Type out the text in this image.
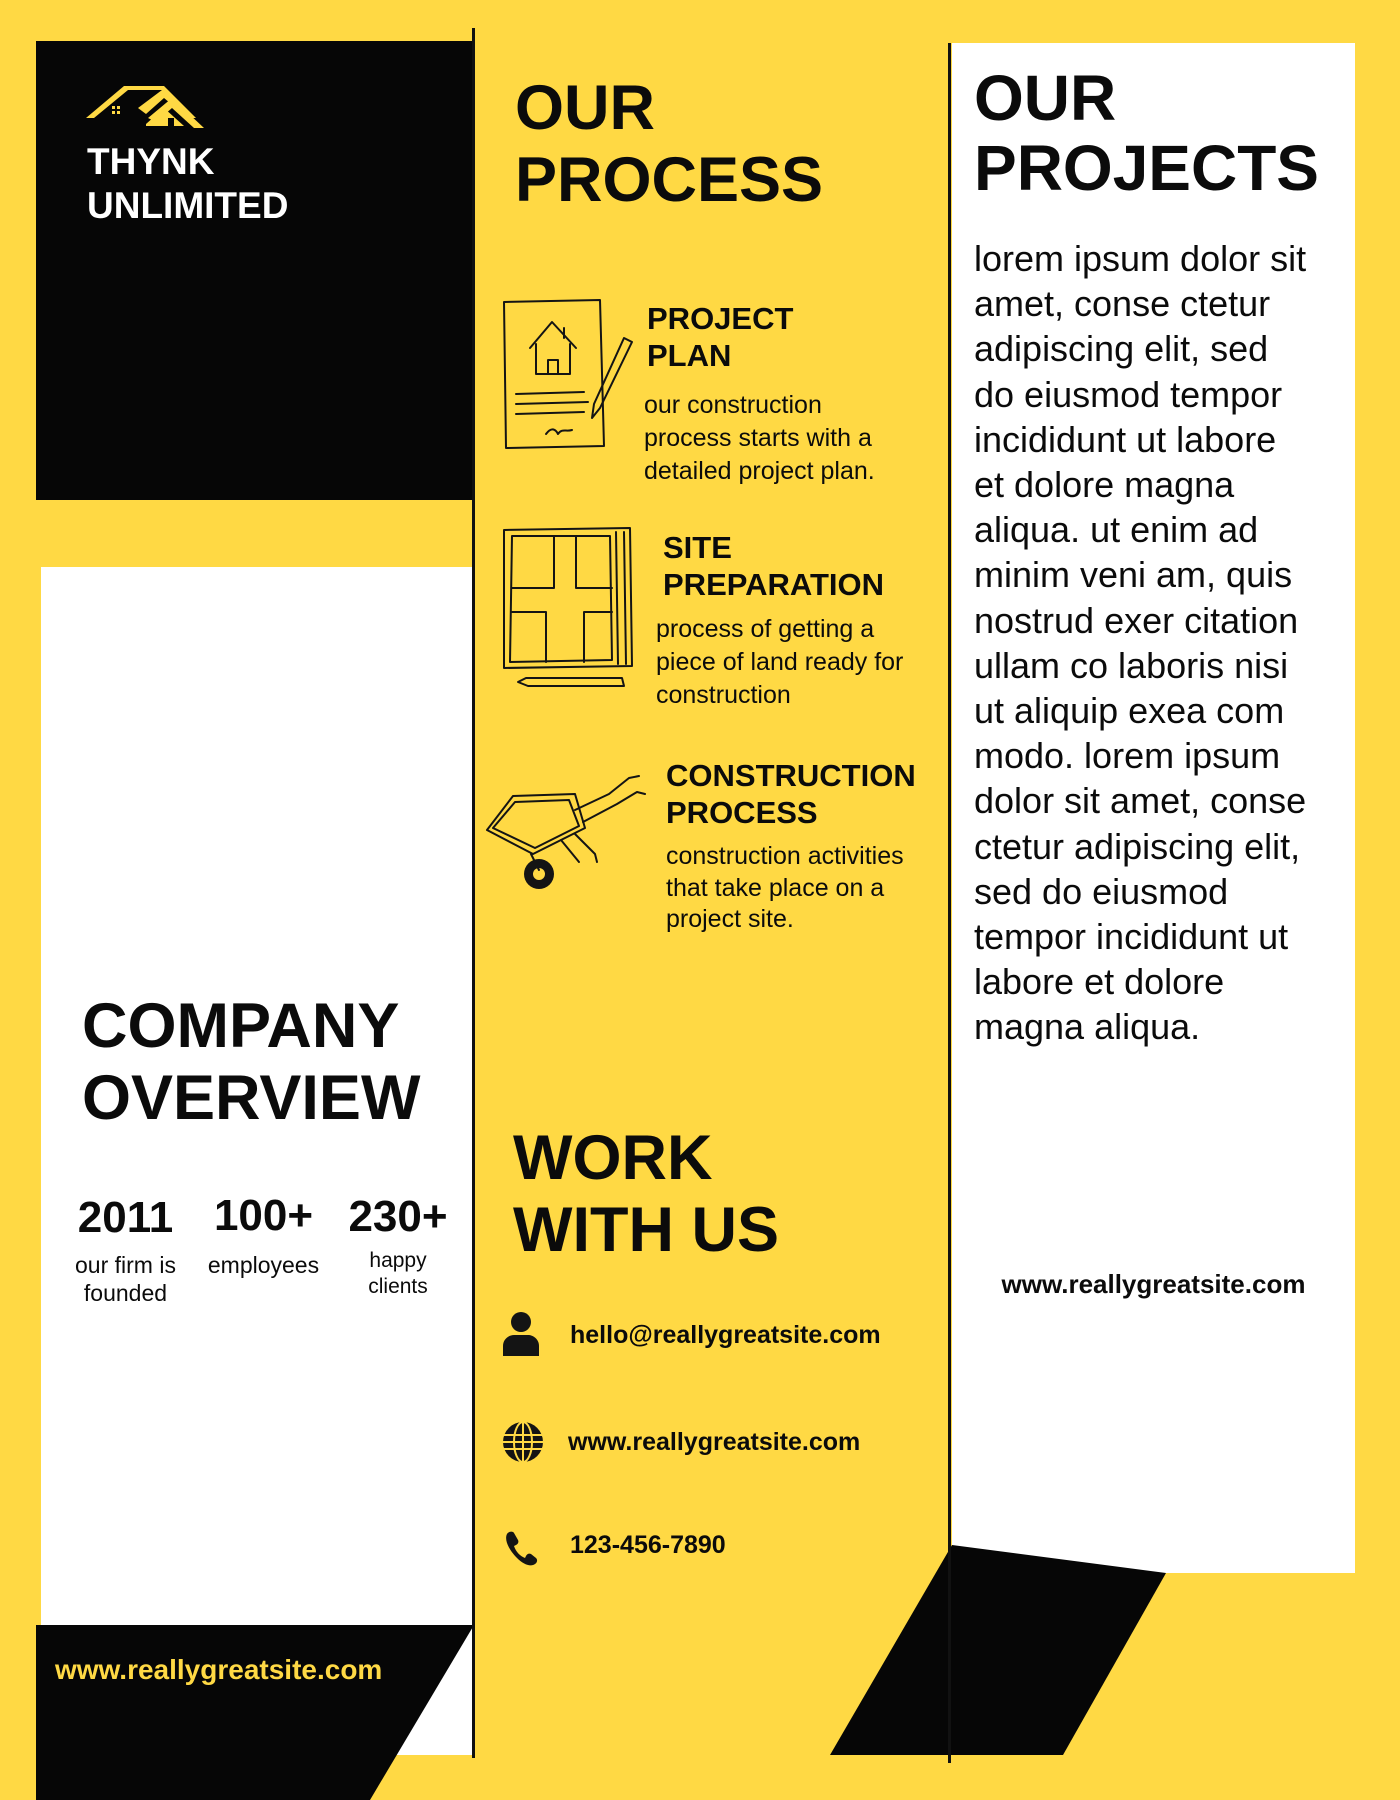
THYNK
UNLIMITED
OUR
PROCESS

PROJECT
PLAN

our construction
process starts with a
detailed project plan.

SITE
PREPARATION

process of getting a
piece of land ready for
construction

CONSTRUCTION
PROCESS

construction activities
that take place on a
project site.

COMPANY
OVERVIEW
2011
our firm is
founded
100+
employees
230+
happy
clients
WORK
WITH US
hello@reallygreatsite.com
www.reallygreatsite.com
123-456-7890
OUR
PROJECTS

lorem ipsum dolor sit
amet, conse ctetur
adipiscing elit, sed
do eiusmod tempor
incididunt ut labore
et dolore magna
aliqua. ut enim ad
minim veni am, quis
nostrud exer citation
ullam co laboris nisi
ut aliquip exea com
modo. lorem ipsum
dolor sit amet, conse
ctetur adipiscing elit,
sed do eiusmod
tempor incididunt ut
labore et dolore
magna aliqua.

www.reallygreatsite.com
www.reallygreatsite.com
